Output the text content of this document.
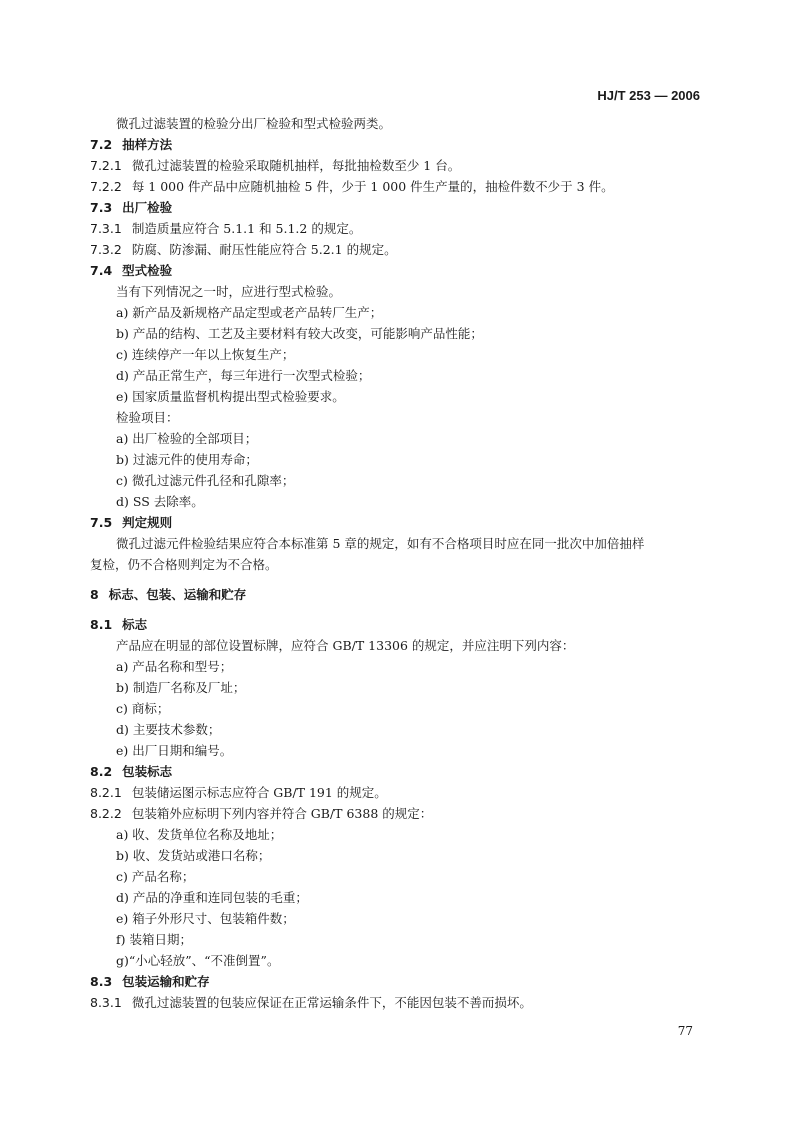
HJ/T 253 — 2006
微孔过滤装置的检验分出厂检验和型式检验两类。
7.2 抽样方法
7.2.1 微孔过滤装置的检验采取随机抽样，每批抽检数至少 1 台。
7.2.2 每 1 000 件产品中应随机抽检 5 件，少于 1 000 件生产量的，抽检件数不少于 3 件。
7.3 出厂检验
7.3.1 制造质量应符合 5.1.1 和 5.1.2 的规定。
7.3.2 防腐、防渗漏、耐压性能应符合 5.2.1 的规定。
7.4 型式检验
当有下列情况之一时，应进行型式检验。
a) 新产品及新规格产品定型或老产品转厂生产；
b) 产品的结构、工艺及主要材料有较大改变，可能影响产品性能；
c) 连续停产一年以上恢复生产；
d) 产品正常生产，每三年进行一次型式检验；
e) 国家质量监督机构提出型式检验要求。
检验项目：
a) 出厂检验的全部项目；
b) 过滤元件的使用寿命；
c) 微孔过滤元件孔径和孔隙率；
d) SS 去除率。
7.5 判定规则
微孔过滤元件检验结果应符合本标准第 5 章的规定，如有不合格项目时应在同一批次中加倍抽样
复检，仍不合格则判定为不合格。
8 标志、包装、运输和贮存
8.1 标志
产品应在明显的部位设置标牌，应符合 GB/T 13306 的规定，并应注明下列内容：
a) 产品名称和型号；
b) 制造厂名称及厂址；
c) 商标；
d) 主要技术参数；
e) 出厂日期和编号。
8.2 包装标志
8.2.1 包装储运图示标志应符合 GB/T 191 的规定。
8.2.2 包装箱外应标明下列内容并符合 GB/T 6388 的规定：
a) 收、发货单位名称及地址；
b) 收、发货站或港口名称；
c) 产品名称；
d) 产品的净重和连同包装的毛重；
e) 箱子外形尺寸、包装箱件数；
f) 装箱日期；
g)“小心轻放”、“不准倒置”。
8.3 包装运输和贮存
8.3.1 微孔过滤装置的包装应保证在正常运输条件下，不能因包装不善而损坏。
77
